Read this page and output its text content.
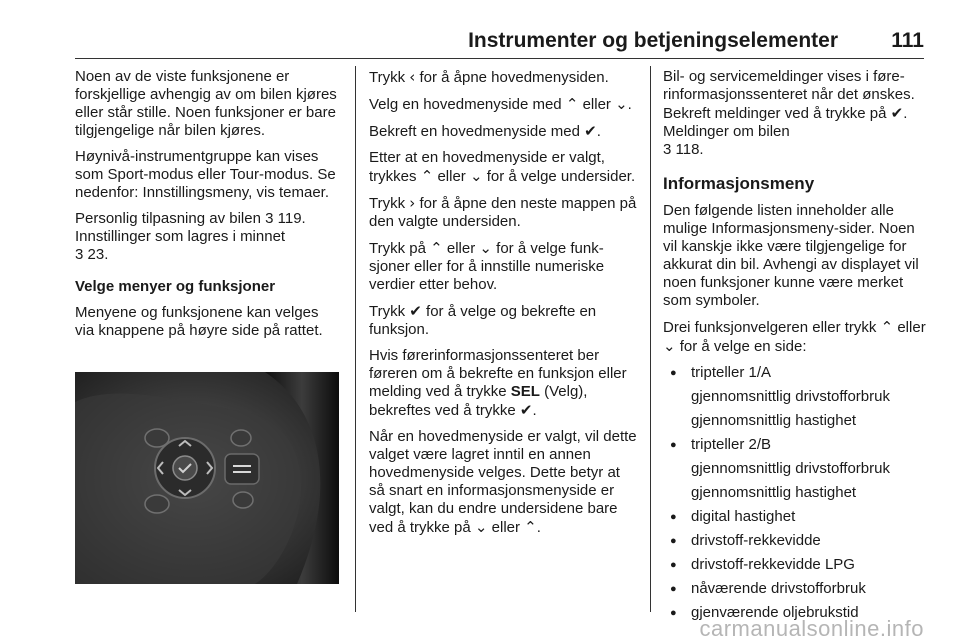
Instrumenter og betjeningselementer	111

Noen av de viste funksjonene er forskjellige avhengig av om bilen kjøres eller står stille. Noen funksjoner er bare tilgjengelige når bilen kjøres.

Høynivå-instrumentgruppe kan vises som Sport-modus eller Tour-modus. Se nedenfor: Innstillingsmeny, vis temaer.

Personlig tilpasning av bilen 3 119.
Innstillinger som lagres i minnet
3 23.

Velge menyer og funksjoner

Menyene og funksjonene kan velges via knappene på høyre side på rattet.

Trykk ‹ for å åpne hovedmenysiden.

Velg en hovedmenyside med ⌃ eller ⌄.

Bekreft en hovedmenyside med ✔.

Etter at en hovedmenyside er valgt, trykkes ⌃ eller ⌄ for å velge undersider.

Trykk › for å åpne den neste mappen på den valgte undersiden.

Trykk på ⌃ eller ⌄ for å velge funksjoner eller for å innstille numeriske verdier etter behov.

Trykk ✔ for å velge og bekrefte en funksjon.

Hvis førerinformasjonssenteret ber føreren om å bekrefte en funksjon eller melding ved å trykke SEL (Velg), bekreftes ved å trykke ✔.

Når en hovedmenyside er valgt, vil dette valget være lagret inntil en annen hovedmenyside velges. Dette betyr at så snart en informasjonsmenyside er valgt, kan du endre undersidene bare ved å trykke på ⌄ eller ⌃.

Bil- og servicemeldinger vises i førerinformasjonssenteret når det ønskes. Bekreft meldinger ved å trykke på ✔. Meldinger om bilen
3 118.

Informasjonsmeny

Den følgende listen inneholder alle mulige Informasjonsmeny-sider. Noen vil kanskje ikke være tilgjengelige for akkurat din bil. Avhengi av displayet vil noen funksjoner kunne være merket som symboler.

Drei funksjonvelgeren eller trykk ⌃ eller ⌄ for å velge en side:

● tripteller 1/A
gjennomsnittlig drivstofforbruk
gjennomsnittlig hastighet
● tripteller 2/B
gjennomsnittlig drivstofforbruk
gjennomsnittlig hastighet
● digital hastighet
● drivstoff-rekkevidde
● drivstoff-rekkevidde LPG
● nåværende drivstofforbruk
● gjenværende oljebrukstid
carmanualsonline.info
